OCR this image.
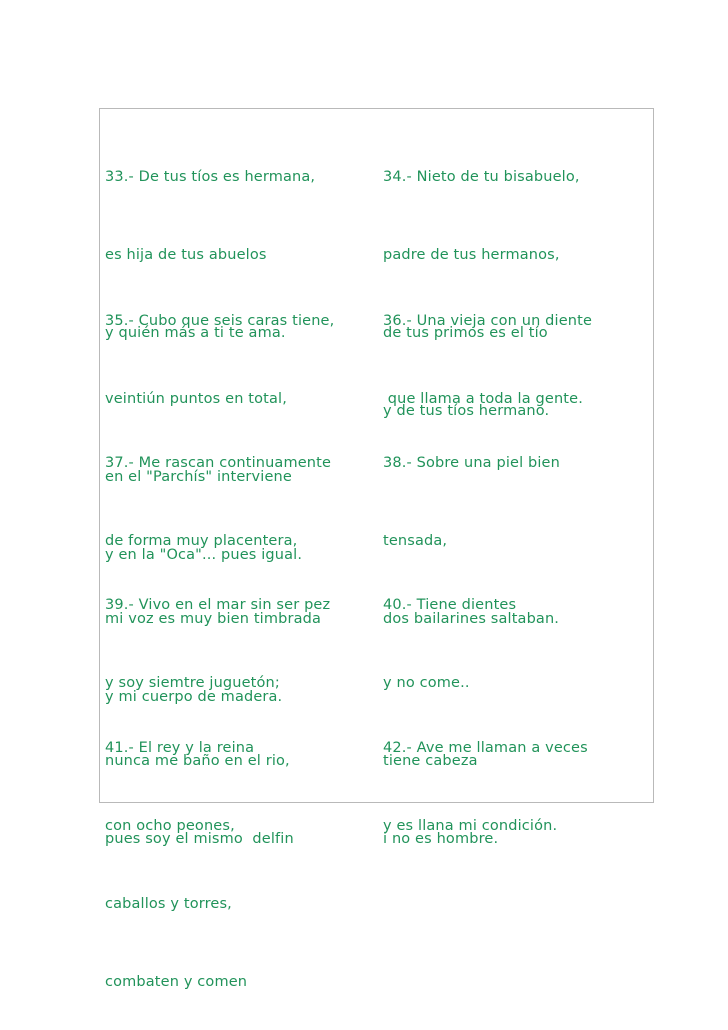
33.- De tus tíos es hermana,

es hija de tus abuelos

y quién más a ti te ama.

34.- Nieto de tu bisabuelo,

padre de tus hermanos,

de tus primos es el tío

y de tus tíos hermano.

35.- Cubo que seis caras tiene,

veintiún puntos en total,

en el "Parchís" interviene

y en la "Oca"... pues igual.

36.- Una vieja con un diente

que llama a toda la gente.

37.- Me rascan continuamente

de forma muy placentera,

mi voz es muy bien timbrada

y mi cuerpo de madera.

38.- Sobre una piel bien

tensada,

dos bailarines saltaban.

39.- Vivo en el mar sin ser pez

y soy siemtre juguetón;

nunca me baño en el rio,

pues soy el mismo  delfin

40.- Tiene dientes

y no come..

tiene cabeza

i no es hombre.

41.- El rey y la reina

con ocho peones,

caballos y torres,

combaten y comen

42.- Ave me llaman a veces

y es llana mi condición.
